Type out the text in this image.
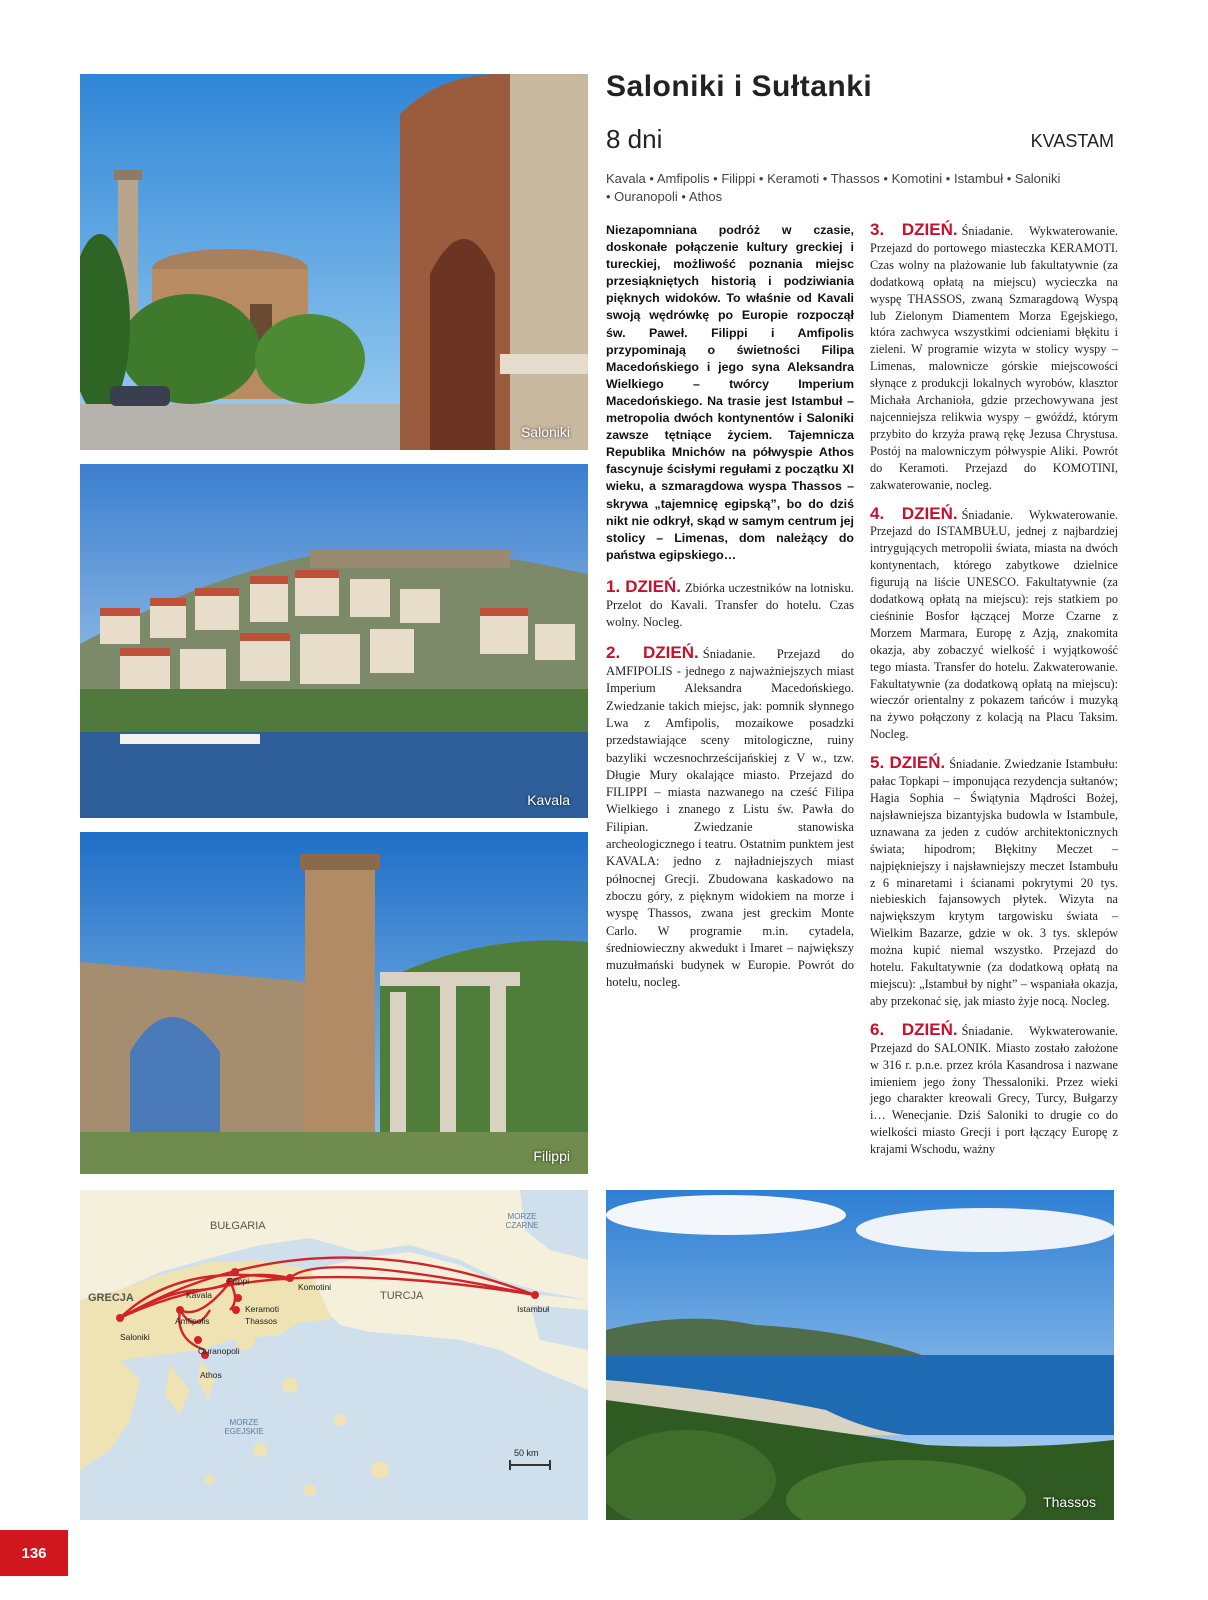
Saloniki
Kavala
Filippi
BUŁGARIA
GRECJA	TURCJA
MORZE CZARNE
MORZE EGEJSKIE
Filippi
Kavala
Komotini
Amfipolis
Keramoti
Thassos
Istambuł
Saloniki
Ouranopoli
Athos
50 km
Thassos
Saloniki i Sułtanki
8 dni	KVASTAM
Kavala • Amfipolis • Filippi • Keramoti • Thassos • Komotini • Istambuł • Saloniki
• Ouranopoli • Athos

Niezapomniana podróż w czasie, doskonałe połączenie kultury greckiej i tureckiej, możliwość poznania miejsc przesiąkniętych historią i podziwiania pięknych widoków. To właśnie od Kavali swoją wędrówkę po Europie rozpoczął św. Paweł. Filippi i Amfipolis przypominają o świetności Filipa Macedońskiego i jego syna Aleksandra Wielkiego – twórcy Imperium Macedońskiego. Na trasie jest Istambuł – metropolia dwóch kontynentów i Saloniki zawsze tętniące życiem. Tajemnicza Republika Mnichów na półwyspie Athos fascynuje ścisłymi regułami z początku XI wieku, a szmaragdowa wyspa Thassos – skrywa „tajemnicę egipską”, bo do dziś nikt nie odkrył, skąd w samym centrum jej stolicy – Limenas, dom należący do państwa egipskiego…

1. DZIEŃ. Zbiórka uczestników na lotnisku. Przelot do Kavali. Transfer do hotelu. Czas wolny. Nocleg.

2. DZIEŃ. Śniadanie. Przejazd do AMFIPOLIS - jednego z najważniejszych miast Imperium Aleksandra Macedońskiego. Zwiedzanie takich miejsc, jak: pomnik słynnego Lwa z Amfipolis, mozaikowe posadzki przedstawiające sceny mitologiczne, ruiny bazyliki wczesnochrześcijańskiej z V w., tzw. Długie Mury okalające miasto. Przejazd do FILIPPI – miasta nazwanego na cześć Filipa Wielkiego i znanego z Listu św. Pawła do Filipian. Zwiedzanie stanowiska archeologicznego i teatru. Ostatnim punktem jest KAVALA: jedno z najładniejszych miast północnej Grecji. Zbudowana kaskadowo na zboczu góry, z pięknym widokiem na morze i wyspę Thassos, zwana jest greckim Monte Carlo. W programie m.in. cytadela, średniowieczny akwedukt i Imaret – największy muzułmański budynek w Europie. Powrót do hotelu, nocleg.

3. DZIEŃ. Śniadanie. Wykwaterowanie. Przejazd do portowego miasteczka KERAMOTI. Czas wolny na plażowanie lub fakultatywnie (za dodatkową opłatą na miejscu) wycieczka na wyspę THASSOS, zwaną Szmaragdową Wyspą lub Zielonym Diamentem Morza Egejskiego, która zachwyca wszystkimi odcieniami błękitu i zieleni. W programie wizyta w stolicy wyspy – Limenas, malownicze górskie miejscowości słynące z produkcji lokalnych wyrobów, klasztor Michała Archanioła, gdzie przechowywana jest najcenniejsza relikwia wyspy – gwóźdź, którym przybito do krzyża prawą rękę Jezusa Chrystusa. Postój na malowniczym półwyspie Aliki. Powrót do Keramoti. Przejazd do KOMOTINI, zakwaterowanie, nocleg.

4. DZIEŃ. Śniadanie. Wykwaterowanie. Przejazd do ISTAMBUŁU, jednej z najbardziej intrygujących metropolii świata, miasta na dwóch kontynentach, którego zabytkowe dzielnice figurują na liście UNESCO. Fakultatywnie (za dodatkową opłatą na miejscu): rejs statkiem po cieśninie Bosfor łączącej Morze Czarne z Morzem Marmara, Europę z Azją, znakomita okazja, aby zobaczyć wielkość i wyjątkowość tego miasta. Transfer do hotelu. Zakwaterowanie. Fakultatywnie (za dodatkową opłatą na miejscu): wieczór orientalny z pokazem tańców i muzyką na żywo połączony z kolacją na Placu Taksim. Nocleg.

5. DZIEŃ. Śniadanie. Zwiedzanie Istambułu: pałac Topkapi – imponująca rezydencja sułtanów; Hagia Sophia – Świątynia Mądrości Bożej, najsławniejsza bizantyjska budowla w Istambule, uznawana za jeden z cudów architektonicznych świata; hipodrom; Błękitny Meczet – najpiękniejszy i najsławniejszy meczet Istambułu z 6 minaretami i ścianami pokrytymi 20 tys. niebieskich fajansowych płytek. Wizyta na największym krytym targowisku świata – Wielkim Bazarze, gdzie w ok. 3 tys. sklepów można kupić niemal wszystko. Przejazd do hotelu. Fakultatywnie (za dodatkową opłatą na miejscu): „Istambuł by night” – wspaniała okazja, aby przekonać się, jak miasto żyje nocą. Nocleg.

6. DZIEŃ. Śniadanie. Wykwaterowanie. Przejazd do SALONIK. Miasto zostało założone w 316 r. p.n.e. przez króla Kasandrosa i nazwane imieniem jego żony Thessaloniki. Przez wieki jego charakter kreowali Grecy, Turcy, Bułgarzy i… Wenecjanie. Dziś Saloniki to drugie co do wielkości miasto Grecji i port łączący Europę z krajami Wschodu, ważny

136
